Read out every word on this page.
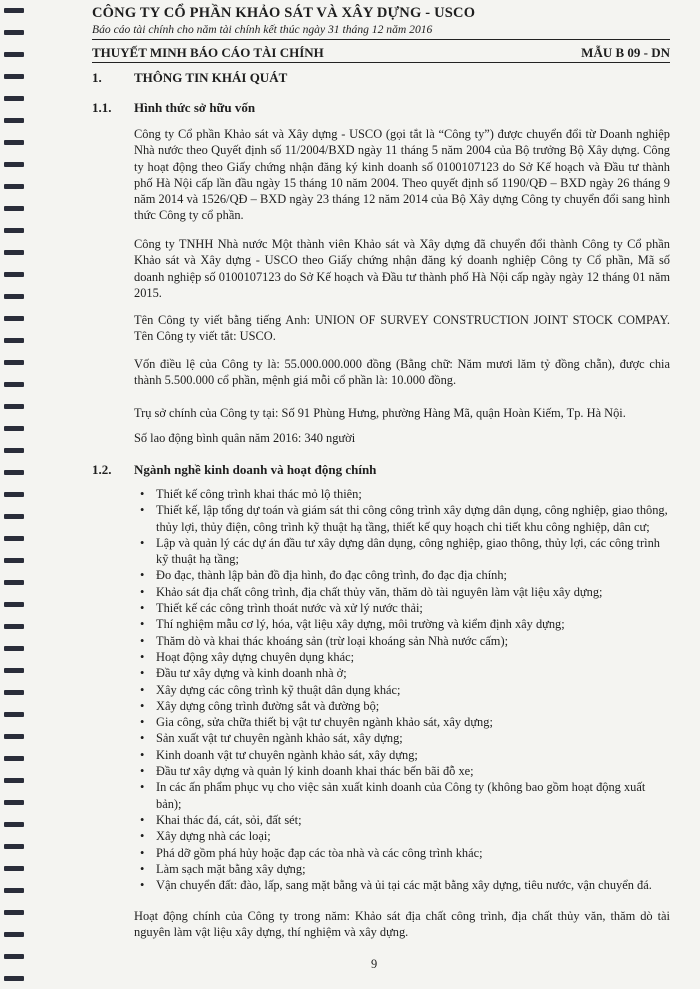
CÔNG TY CỔ PHẦN KHẢO SÁT VÀ XÂY DỰNG - USCO
Báo cáo tài chính cho năm tài chính kết thúc ngày 31 tháng 12 năm 2016
THUYẾT MINH BÁO CÁO TÀI CHÍNH	MẪU B 09 - DN
1. THÔNG TIN KHÁI QUÁT
1.1. Hình thức sở hữu vốn

Công ty Cổ phần Khảo sát và Xây dựng - USCO (gọi tắt là “Công ty”) được chuyển đổi từ Doanh nghiệp Nhà nước theo Quyết định số 11/2004/BXD ngày 11 tháng 5 năm 2004 của Bộ trưởng Bộ Xây dựng. Công ty hoạt động theo Giấy chứng nhận đăng ký kinh doanh số 0100107123 do Sở Kế hoạch và Đầu tư thành phố Hà Nội cấp lần đầu ngày 15 tháng 10 năm 2004. Theo quyết định số 1190/QĐ – BXD ngày 26 tháng 9 năm 2014 và 1526/QĐ – BXD ngày 23 tháng 12 năm 2014 của Bộ Xây dựng Công ty chuyển đổi sang hình thức Công ty cổ phần.

Công ty TNHH Nhà nước Một thành viên Khảo sát và Xây dựng đã chuyển đổi thành Công ty Cổ phần Khảo sát và Xây dựng - USCO theo Giấy chứng nhận đăng ký doanh nghiệp Công ty Cổ phần, Mã số doanh nghiệp số 0100107123 do Sở Kế hoạch và Đầu tư thành phố Hà Nội cấp ngày ngày 12 tháng 01 năm 2015.

Tên Công ty viết bằng tiếng Anh: UNION OF SURVEY CONSTRUCTION JOINT STOCK COMPAY. Tên Công ty viết tắt: USCO.

Vốn điều lệ của Công ty là: 55.000.000.000 đồng (Bằng chữ: Năm mươi lăm tỷ đồng chẵn), được chia thành 5.500.000 cổ phần, mệnh giá mỗi cổ phần là: 10.000 đồng.

Trụ sở chính của Công ty tại: Số 91 Phùng Hưng, phường Hàng Mã, quận Hoàn Kiếm, Tp. Hà Nội.

Số lao động bình quân năm 2016: 340 người

1.2. Ngành nghề kinh doanh và hoạt động chính
• Thiết kế công trình khai thác mỏ lộ thiên;
• Thiết kế, lập tổng dự toán và giám sát thi công công trình xây dựng dân dụng, công nghiệp, giao thông, thủy lợi, thủy điện, công trình kỹ thuật hạ tầng, thiết kế quy hoạch chi tiết khu công nghiệp, dân cư;
• Lập và quản lý các dự án đầu tư xây dựng dân dụng, công nghiệp, giao thông, thủy lợi, các công trình kỹ thuật hạ tầng;
• Đo đạc, thành lập bản đồ địa hình, đo đạc công trình, đo đạc địa chính;
• Khảo sát địa chất công trình, địa chất thủy văn, thăm dò tài nguyên làm vật liệu xây dựng;
• Thiết kế các công trình thoát nước và xử lý nước thải;
• Thí nghiệm mẫu cơ lý, hóa, vật liệu xây dựng, môi trường và kiểm định xây dựng;
• Thăm dò và khai thác khoáng sản (trừ loại khoáng sản Nhà nước cấm);
• Hoạt động xây dựng chuyên dụng khác;
• Đầu tư xây dựng và kinh doanh nhà ở;
• Xây dựng các công trình kỹ thuật dân dụng khác;
• Xây dựng công trình đường sắt và đường bộ;
• Gia công, sửa chữa thiết bị vật tư chuyên ngành khảo sát, xây dựng;
• Sản xuất vật tư chuyên ngành khảo sát, xây dựng;
• Kinh doanh vật tư chuyên ngành khảo sát, xây dựng;
• Đầu tư xây dựng và quản lý kinh doanh khai thác bến bãi đỗ xe;
• In các ấn phẩm phục vụ cho việc sản xuất kinh doanh của Công ty (không bao gồm hoạt động xuất bản);
• Khai thác đá, cát, sỏi, đất sét;
• Xây dựng nhà các loại;
• Phá dỡ gồm phá hủy hoặc đạp các tòa nhà và các công trình khác;
• Làm sạch mặt bằng xây dựng;
• Vận chuyển đất: đào, lấp, sang mặt bằng và ủi tại các mặt bằng xây dựng, tiêu nước, vận chuyển đá.

Hoạt động chính của Công ty trong năm: Khảo sát địa chất công trình, địa chất thủy văn, thăm dò tài nguyên làm vật liệu xây dựng, thí nghiệm và xây dựng.

9
